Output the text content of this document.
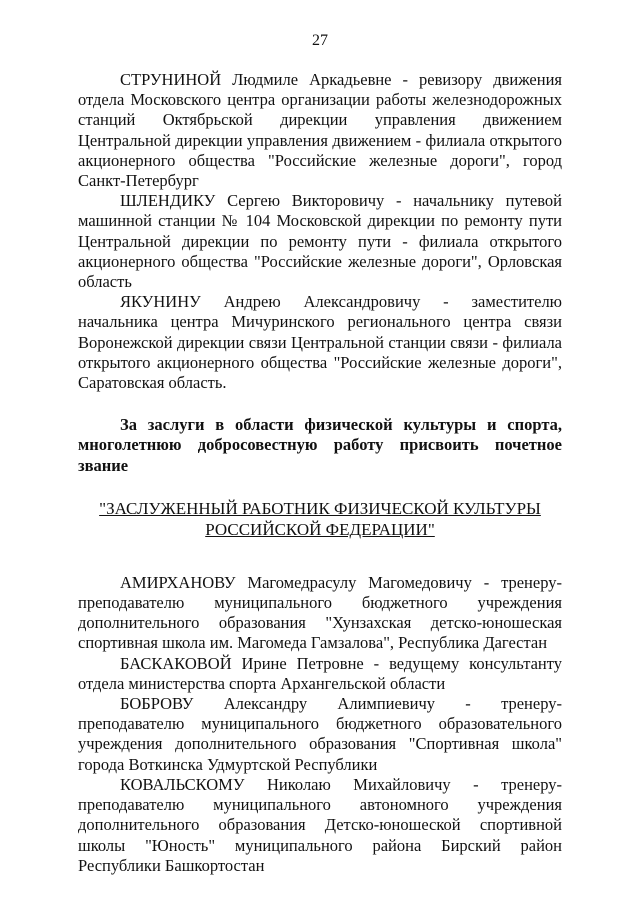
27

СТРУНИНОЙ Людмиле Аркадьевне - ревизору движения отдела Московского центра организации работы железнодорожных станций Октябрьской дирекции управления движением Центральной дирекции управления движением - филиала открытого акционерного общества "Российские железные дороги", город Санкт-Петербург

ШЛЕНДИКУ Сергею Викторовичу - начальнику путевой машинной станции № 104 Московской дирекции по ремонту пути Центральной дирекции по ремонту пути - филиала открытого акционерного общества "Российские железные дороги", Орловская область

ЯКУНИНУ Андрею Александровичу - заместителю начальника центра Мичуринского регионального центра связи Воронежской дирекции связи Центральной станции связи - филиала открытого акционерного общества "Российские железные дороги", Саратовская область.

За заслуги в области физической культуры и спорта, многолетнюю добросовестную работу присвоить почетное звание

"ЗАСЛУЖЕННЫЙ РАБОТНИК ФИЗИЧЕСКОЙ КУЛЬТУРЫ
РОССИЙСКОЙ ФЕДЕРАЦИИ"

АМИРХАНОВУ Магомедрасулу Магомедовичу - тренеру-преподавателю муниципального бюджетного учреждения дополнительного образования "Хунзахская детско-юношеская спортивная школа им. Магомеда Гамзалова", Республика Дагестан

БАСКАКОВОЙ Ирине Петровне - ведущему консультанту отдела министерства спорта Архангельской области

БОБРОВУ Александру Алимпиевичу - тренеру-преподавателю муниципального бюджетного образовательного учреждения дополнительного образования "Спортивная школа" города Воткинска Удмуртской Республики

КОВАЛЬСКОМУ Николаю Михайловичу - тренеру-преподавателю муниципального автономного учреждения дополнительного образования Детско-юношеской спортивной школы "Юность" муниципального района Бирский район Республики Башкортостан
